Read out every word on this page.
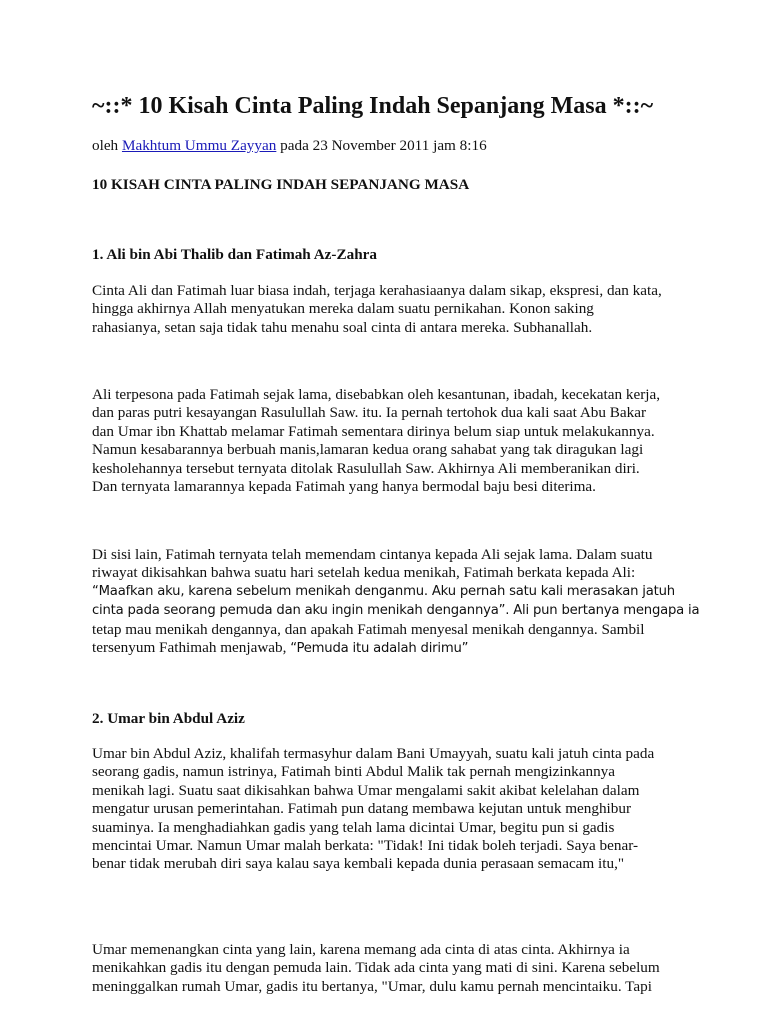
~::* 10 Kisah Cinta Paling Indah Sepanjang Masa *::~
oleh Makhtum Ummu Zayyan pada 23 November 2011 jam 8:16

10 KISAH CINTA PALING INDAH SEPANJANG MASA

1. Ali bin Abi Thalib dan Fatimah Az-Zahra

Cinta Ali dan Fatimah luar biasa indah, terjaga kerahasiaanya dalam sikap, ekspresi, dan kata,
hingga akhirnya Allah menyatukan mereka dalam suatu pernikahan. Konon saking
rahasianya, setan saja tidak tahu menahu soal cinta di antara mereka. Subhanallah.
Ali terpesona pada Fatimah sejak lama, disebabkan oleh kesantunan, ibadah, kecekatan kerja,
dan paras putri kesayangan Rasulullah Saw. itu. Ia pernah tertohok dua kali saat Abu Bakar
dan Umar ibn Khattab melamar Fatimah sementara dirinya belum siap untuk melakukannya.
Namun kesabarannya berbuah manis,lamaran kedua orang sahabat yang tak diragukan lagi
kesholehannya tersebut ternyata ditolak Rasulullah Saw. Akhirnya Ali memberanikan diri.
Dan ternyata lamarannya kepada Fatimah yang hanya bermodal baju besi diterima.
Di sisi lain, Fatimah ternyata telah memendam cintanya kepada Ali sejak lama. Dalam suatu
riwayat dikisahkan bahwa suatu hari setelah kedua menikah, Fatimah berkata kepada Ali:
“Maafkan aku, karena sebelum menikah denganmu. Aku pernah satu kali merasakan jatuh
cinta pada seorang pemuda dan aku ingin menikah dengannya”. Ali pun bertanya mengapa ia
tetap mau menikah dengannya, dan apakah Fatimah menyesal menikah dengannya. Sambil
tersenyum Fathimah menjawab, “Pemuda itu adalah dirimu”

2. Umar bin Abdul Aziz

Umar bin Abdul Aziz, khalifah termasyhur dalam Bani Umayyah, suatu kali jatuh cinta pada
seorang gadis, namun istrinya, Fatimah binti Abdul Malik tak pernah mengizinkannya
menikah lagi. Suatu saat dikisahkan bahwa Umar mengalami sakit akibat kelelahan dalam
mengatur urusan pemerintahan. Fatimah pun datang membawa kejutan untuk menghibur
suaminya. Ia menghadiahkan gadis yang telah lama dicintai Umar, begitu pun si gadis
mencintai Umar. Namun Umar malah berkata: "Tidak! Ini tidak boleh terjadi. Saya benar-
benar tidak merubah diri saya kalau saya kembali kepada dunia perasaan semacam itu,"
Umar memenangkan cinta yang lain, karena memang ada cinta di atas cinta. Akhirnya ia
menikahkan gadis itu dengan pemuda lain. Tidak ada cinta yang mati di sini. Karena sebelum
meninggalkan rumah Umar, gadis itu bertanya, "Umar, dulu kamu pernah mencintaiku. Tapi
